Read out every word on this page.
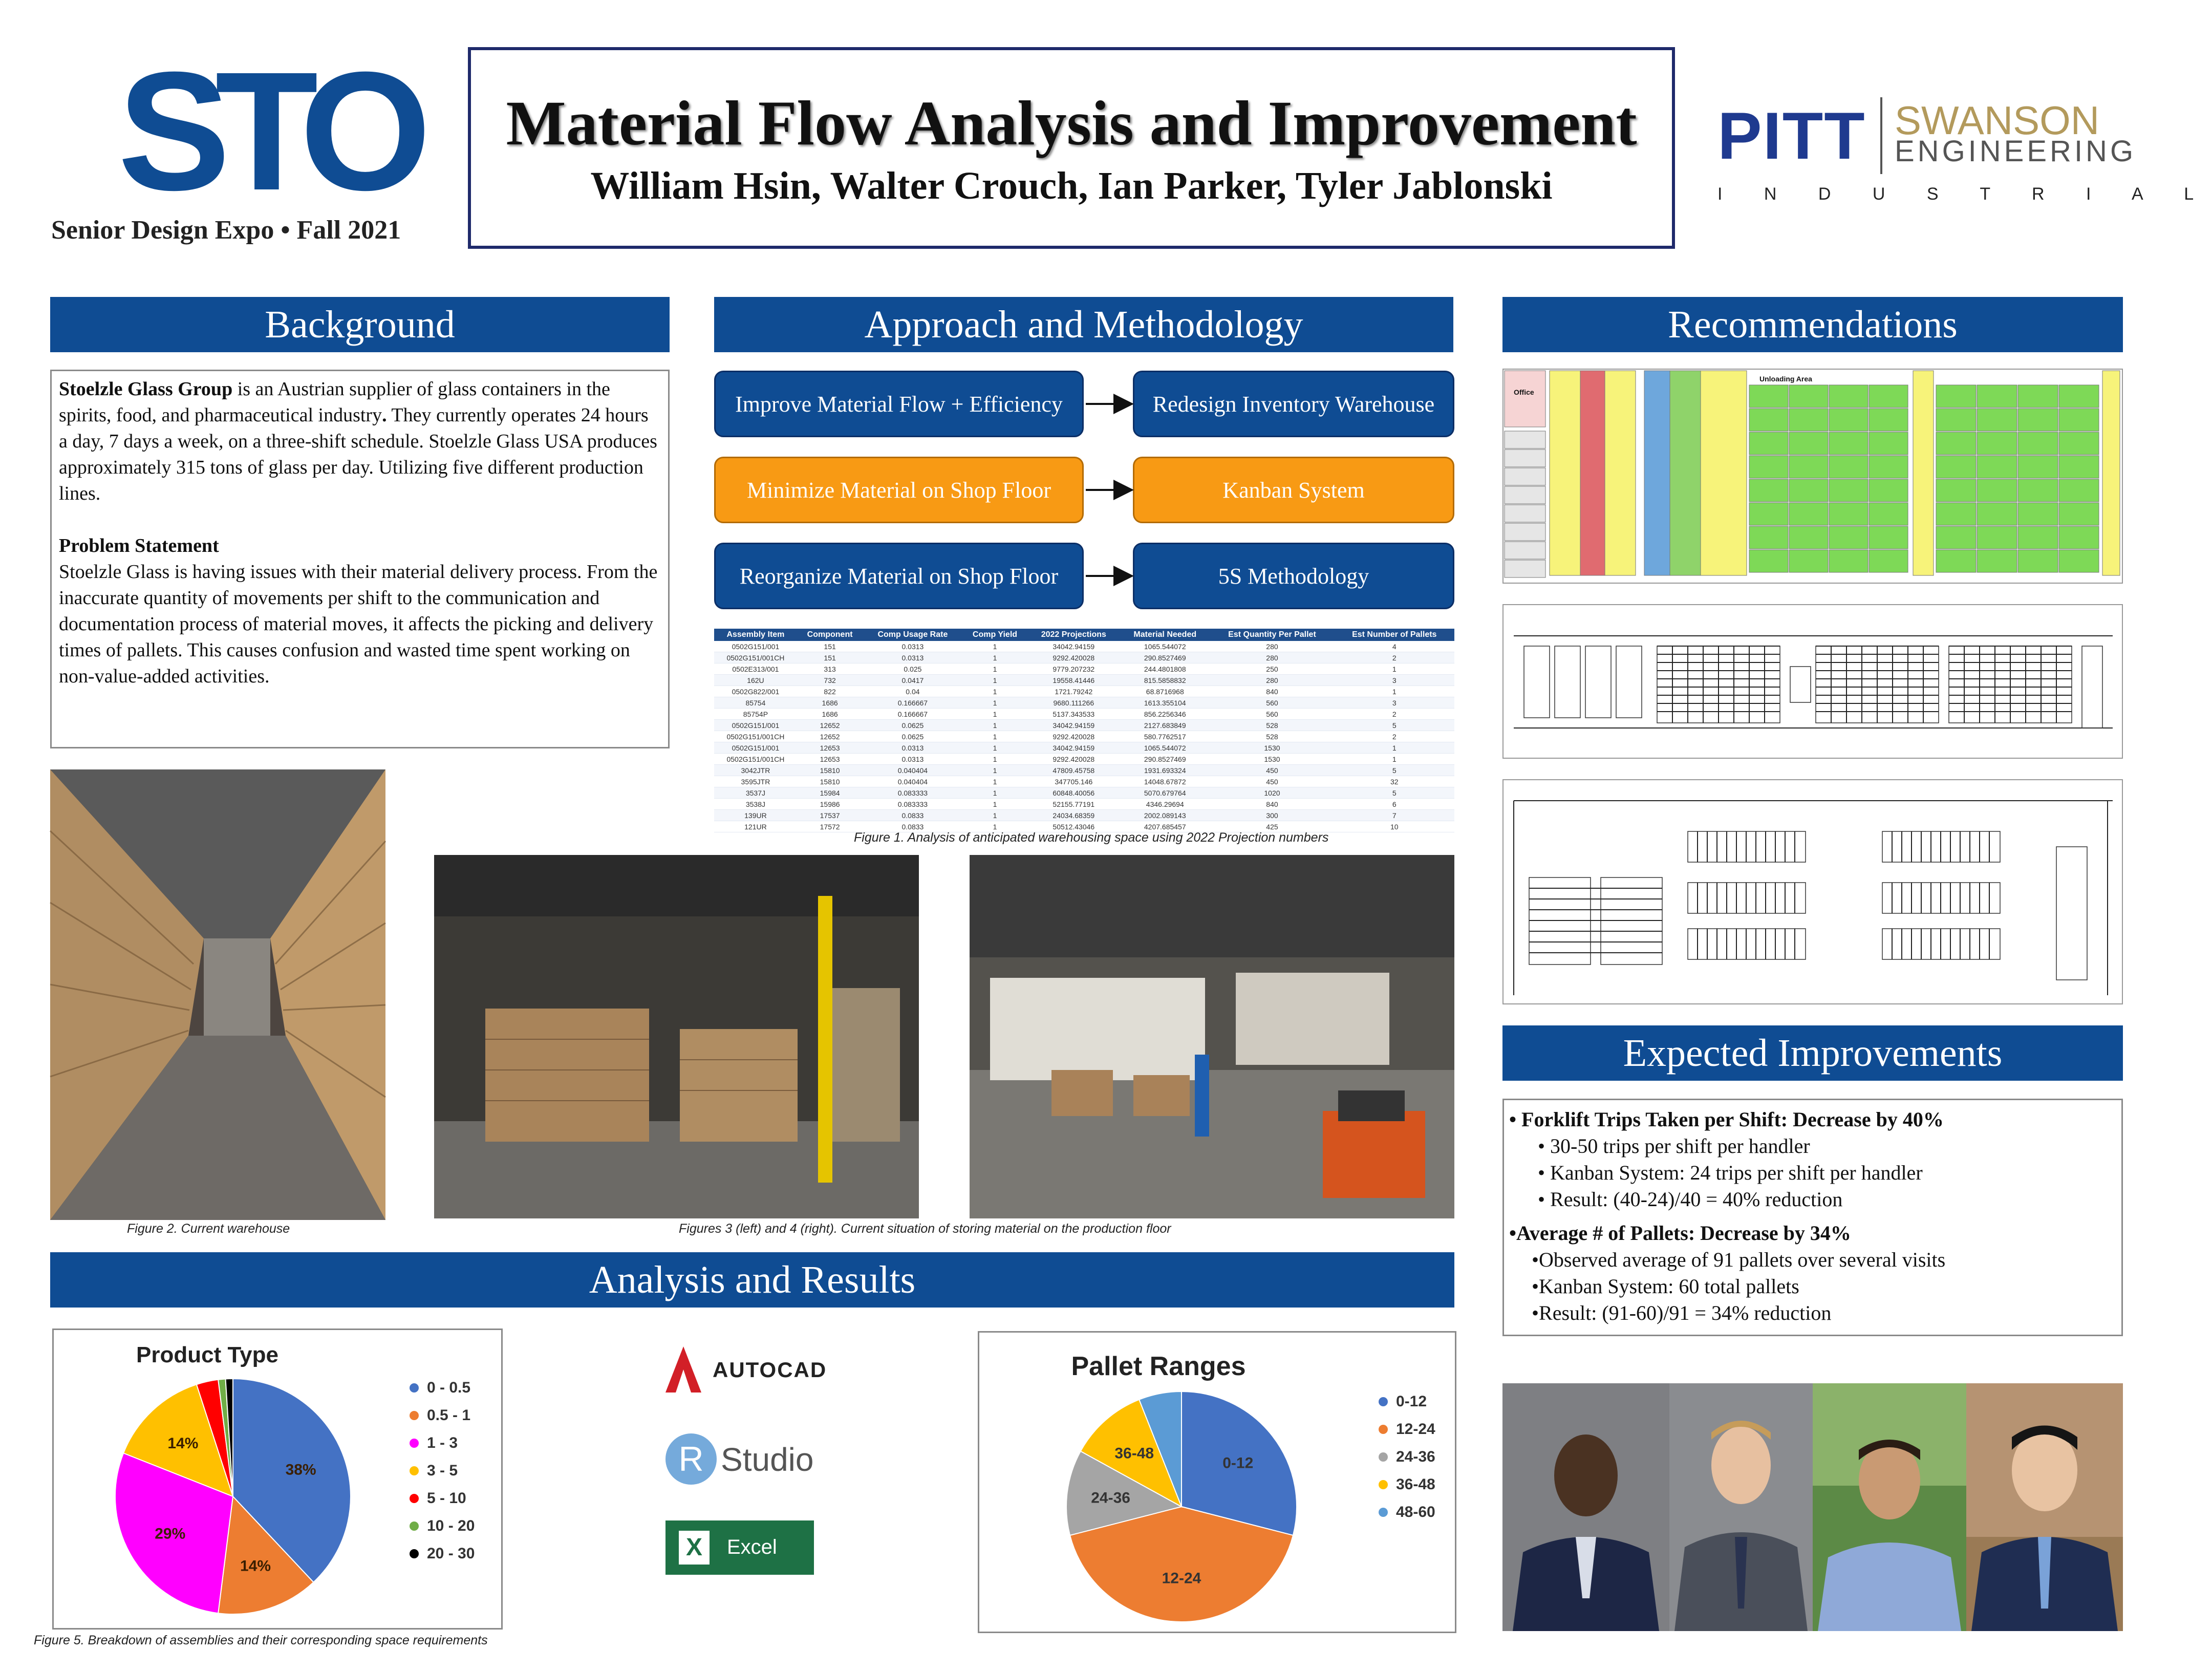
STO
Senior Design Expo • Fall 2021
Material Flow Analysis and Improvement
William Hsin, Walter Crouch, Ian Parker, Tyler Jablonski
PITT SWANSON
ENGINEERING
I N D U S T R I A L
Background
Stoelzle Glass Group is an Austrian supplier of glass containers in the spirits, food, and pharmaceutical industry. They currently operates 24 hours a day, 7 days a week, on a three-shift schedule. Stoelzle Glass USA produces approximately 315 tons of glass per day. Utilizing five different production lines.
Problem Statement
Stoelzle Glass is having issues with their material delivery process. From the inaccurate quantity of movements per shift to the communication and documentation process of material moves, it affects the picking and delivery times of pallets. This causes confusion and wasted time spent working on non-value-added activities.
Figure 2. Current warehouse
Approach and Methodology
Improve Material Flow + Efficiency	Redesign Inventory Warehouse
Minimize Material on Shop Floor	Kanban System
Reorganize Material on Shop Floor	5S Methodology
Assembly Item	Component	Comp Usage Rate	Comp Yield	2022 Projections	Material Needed	Est Quantity Per Pallet	Est Number of Pallets
0502G151/001	151	0.0313	1	34042.94159	1065.544072	280	4
0502G151/001CH	151	0.0313	1	9292.420028	290.8527469	280	2
0502E313/001	313	0.025	1	9779.207232	244.4801808	250	1
162U	732	0.0417	1	19558.41446	815.5858832	280	3
0502G822/001	822	0.04	1	1721.79242	68.8716968	840	1
85754	1686	0.166667	1	9680.111266	1613.355104	560	3
85754P	1686	0.166667	1	5137.343533	856.2256346	560	2
0502G151/001	12652	0.0625	1	34042.94159	2127.683849	528	5
0502G151/001CH	12652	0.0625	1	9292.420028	580.7762517	528	2
0502G151/001	12653	0.0313	1	34042.94159	1065.544072	1530	1
0502G151/001CH	12653	0.0313	1	9292.420028	290.8527469	1530	1
3042JTR	15810	0.040404	1	47809.45758	1931.693324	450	5
3595JTR	15810	0.040404	1	347705.146	14048.67872	450	32
3537J	15984	0.083333	1	60848.40056	5070.679764	1020	5
3538J	15986	0.083333	1	52155.77191	4346.29694	840	6
139UR	17537	0.0833	1	24034.68359	2002.089143	300	7
121UR	17572	0.0833	1	50512.43046	4207.685457	425	10
Figure 1. Analysis of anticipated warehousing space using 2022 Projection numbers
Figures 3 (left) and 4 (right). Current situation of storing material on the production floor
Analysis and Results
Product Type
38%
14%
29%
14%
0 - 0.5
0.5 - 1
1 - 3
3 - 5
5 - 10
10 - 20
20 - 30
Figure 5. Breakdown of assemblies and their corresponding space requirements
AUTOCAD
R Studio
X	Excel
Pallet Ranges
0-12
12-24
24-36
36-48
0-12
12-24
24-36
36-48
48-60
Recommendations
Office
Unloading Area
Expected Improvements
• Forklift Trips Taken per Shift: Decrease by 40%
• 30-50 trips per shift per handler
• Kanban System: 24 trips per shift per handler
• Result: (40-24)/40 = 40% reduction
•Average # of Pallets: Decrease by 34%
•Observed average of 91 pallets over several visits
•Kanban System: 60 total pallets
•Result: (91-60)/91 = 34% reduction
